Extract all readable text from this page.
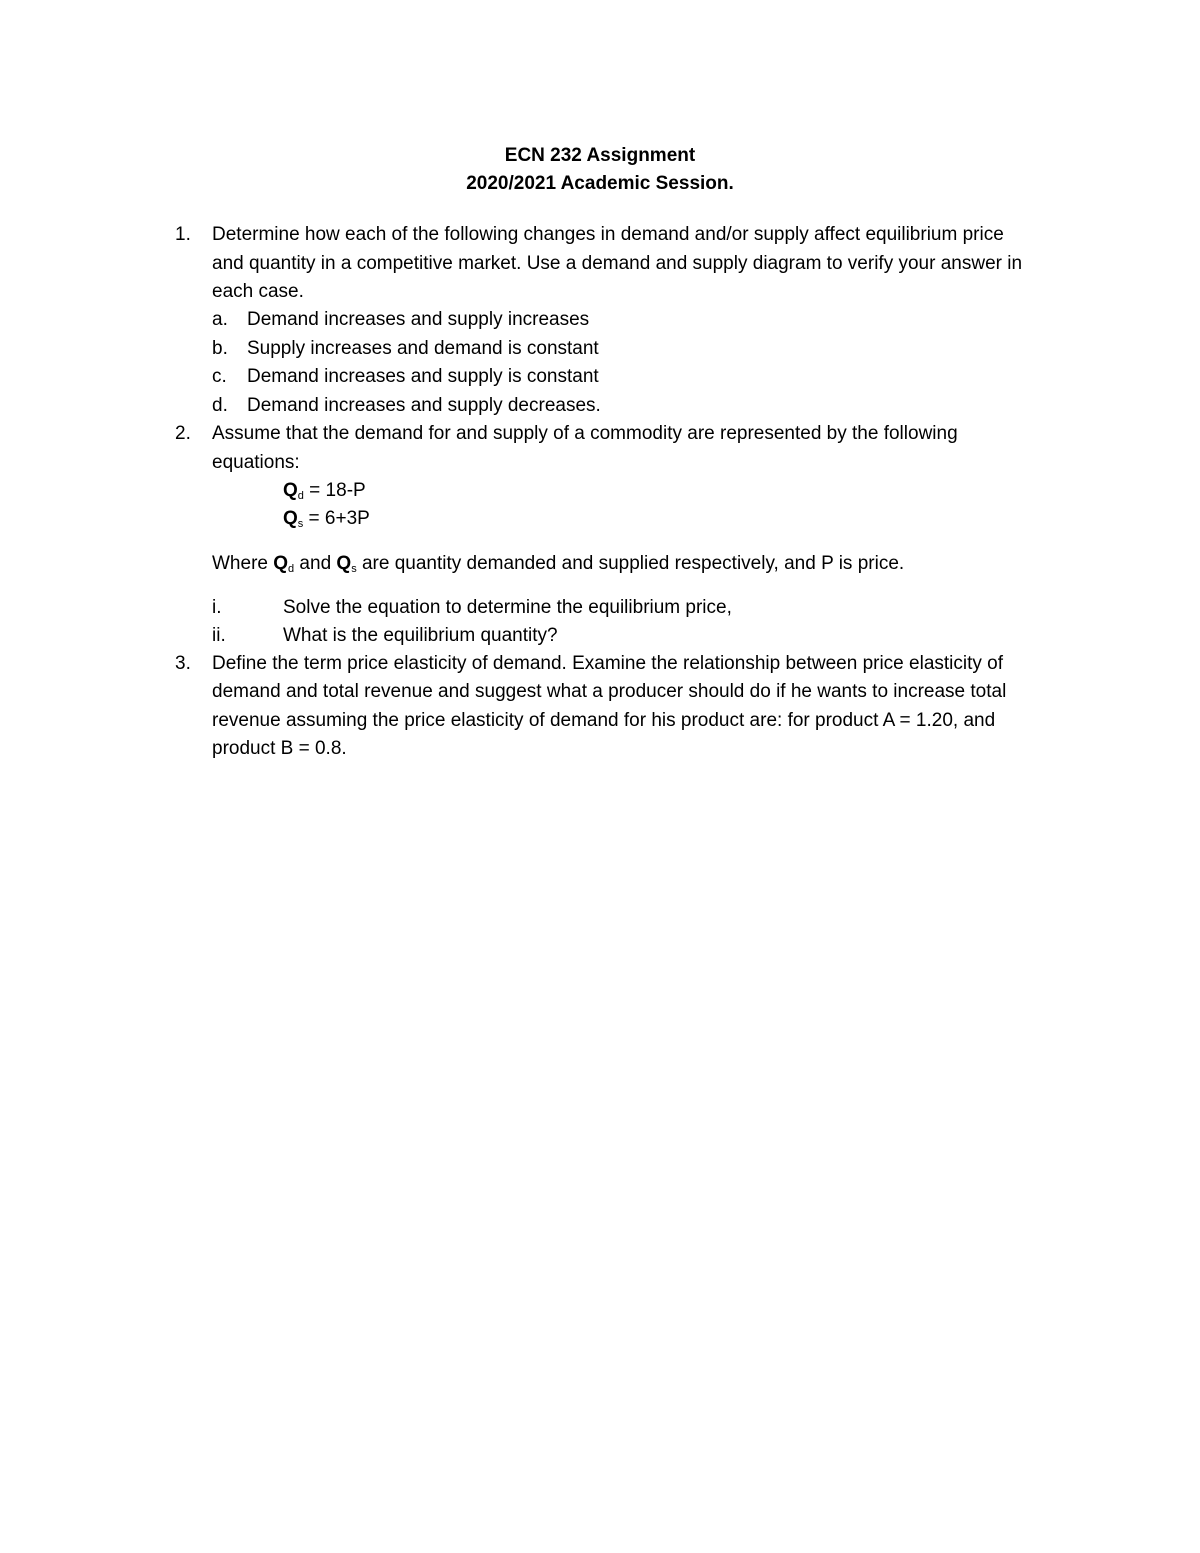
ECN 232 Assignment
2020/2021 Academic Session.
1. Determine how each of the following changes in demand and/or supply affect equilibrium price
and quantity in a competitive market. Use a demand and supply diagram to verify your answer in
each case.
a. Demand increases and supply increases
b. Supply increases and demand is constant
c. Demand increases and supply is constant
d. Demand increases and supply decreases.
2. Assume that the demand for and supply of a commodity are represented by the following
equations:
$Q_d = 18-P$
$Q_s = 6+3P$
Where $Q_d$ and $Q_s$ are quantity demanded and supplied respectively, and P is price.
i.	Solve the equation to determine the equilibrium price,
ii.	What is the equilibrium quantity?
3. Define the term price elasticity of demand. Examine the relationship between price elasticity of
demand and total revenue and suggest what a producer should do if he wants to increase total
revenue assuming the price elasticity of demand for his product are: for product A = 1.20, and
product B = 0.8.
